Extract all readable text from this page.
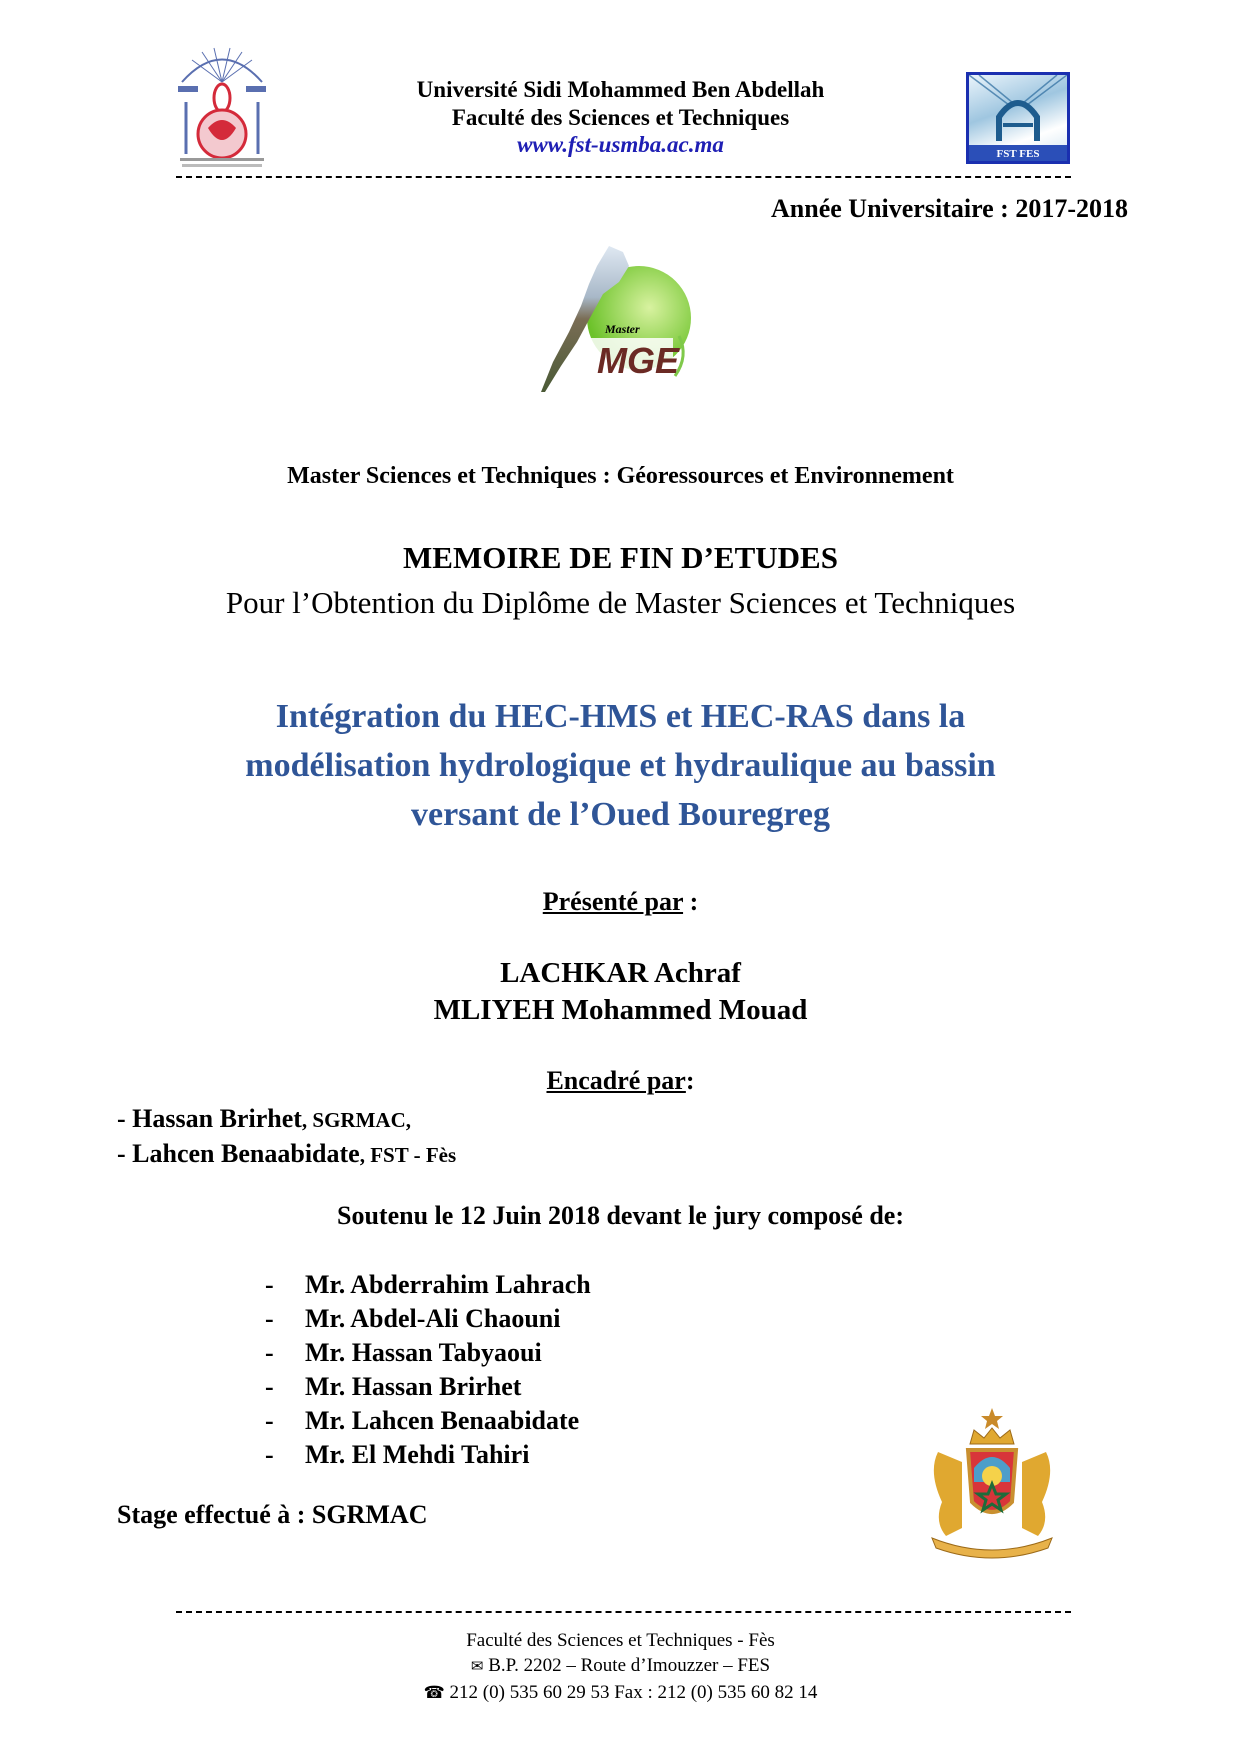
Université Sidi Mohammed Ben Abdellah
Faculté des Sciences et Techniques
www.fst-usmba.ac.ma	FST FES
Année Universitaire : 2017-2018
Master
MGE
Master Sciences et Techniques : Géoressources et Environnement
MEMOIRE DE FIN D’ETUDES
Pour l’Obtention du Diplôme de Master Sciences et Techniques
Intégration du HEC-HMS et HEC-RAS dans la
modélisation hydrologique et hydraulique au bassin
versant de l’Oued Bouregreg
Présenté par :
LACHKAR Achraf
MLIYEH Mohammed Mouad
Encadré par:
- Hassan Brirhet, SGRMAC,
- Lahcen Benaabidate, FST - Fès
Soutenu le 12 Juin 2018 devant le jury composé de:
- Mr. Abderrahim Lahrach
- Mr. Abdel-Ali Chaouni
- Mr. Hassan Tabyaoui
- Mr. Hassan Brirhet
- Mr. Lahcen Benaabidate
- Mr. El Mehdi Tahiri
Stage effectué à : SGRMAC
Faculté des Sciences et Techniques - Fès
✉ B.P. 2202 – Route d’Imouzzer – FES
☎ 212 (0) 535 60 29 53 Fax : 212 (0) 535 60 82 14
